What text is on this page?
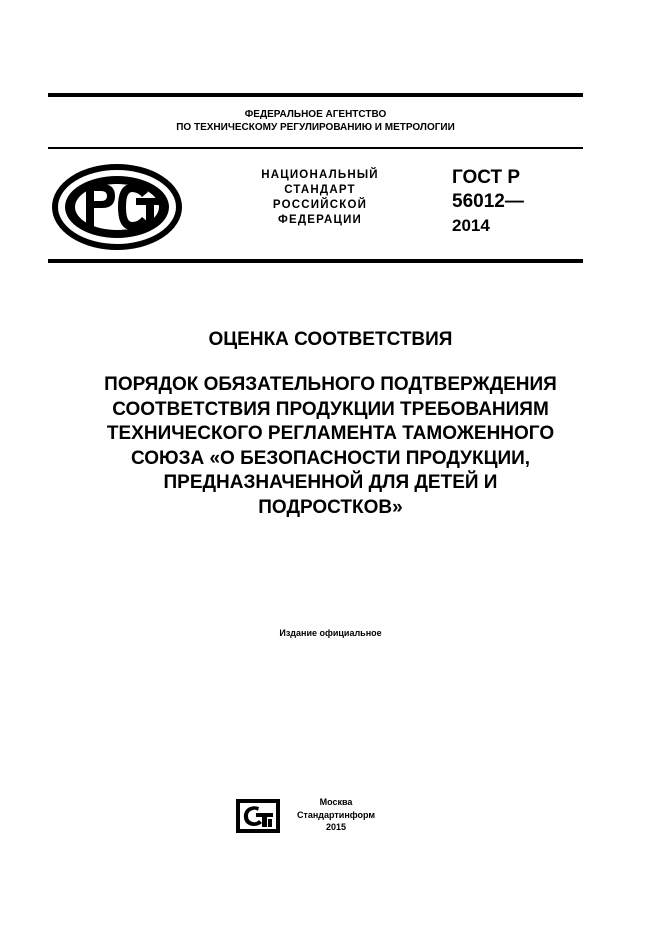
ФЕДЕРАЛЬНОЕ АГЕНТСТВО
ПО ТЕХНИЧЕСКОМУ РЕГУЛИРОВАНИЮ И МЕТРОЛОГИИ
НАЦИОНАЛЬНЫЙ
СТАНДАРТ
РОССИЙСКОЙ
ФЕДЕРАЦИИ
ГОСТ Р
56012—
2014
ОЦЕНКА СООТВЕТСТВИЯ
ПОРЯДОК ОБЯЗАТЕЛЬНОГО ПОДТВЕРЖДЕНИЯ
СООТВЕТСТВИЯ ПРОДУКЦИИ ТРЕБОВАНИЯМ
ТЕХНИЧЕСКОГО РЕГЛАМЕНТА ТАМОЖЕННОГО
СОЮЗА «О БЕЗОПАСНОСТИ ПРОДУКЦИИ,
ПРЕДНАЗНАЧЕННОЙ ДЛЯ ДЕТЕЙ И
ПОДРОСТКОВ»
Издание официальное
Москва
Стандартинформ
2015
